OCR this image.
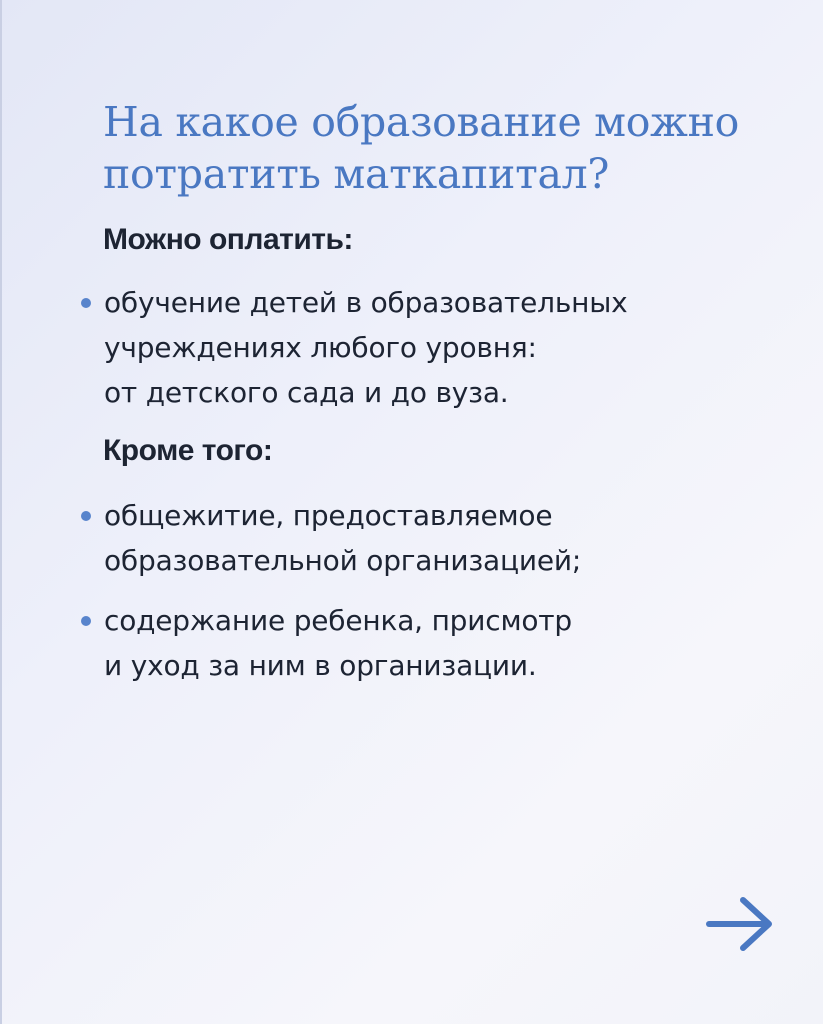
На какое образование можно
потратить маткапитал?
Можно оплатить:
обучение детей в образовательных
учреждениях любого уровня:
от детского сада и до вуза.
Кроме того:
общежитие, предоставляемое
образовательной организацией;
содержание ребенка, присмотр
и уход за ним в организации.
